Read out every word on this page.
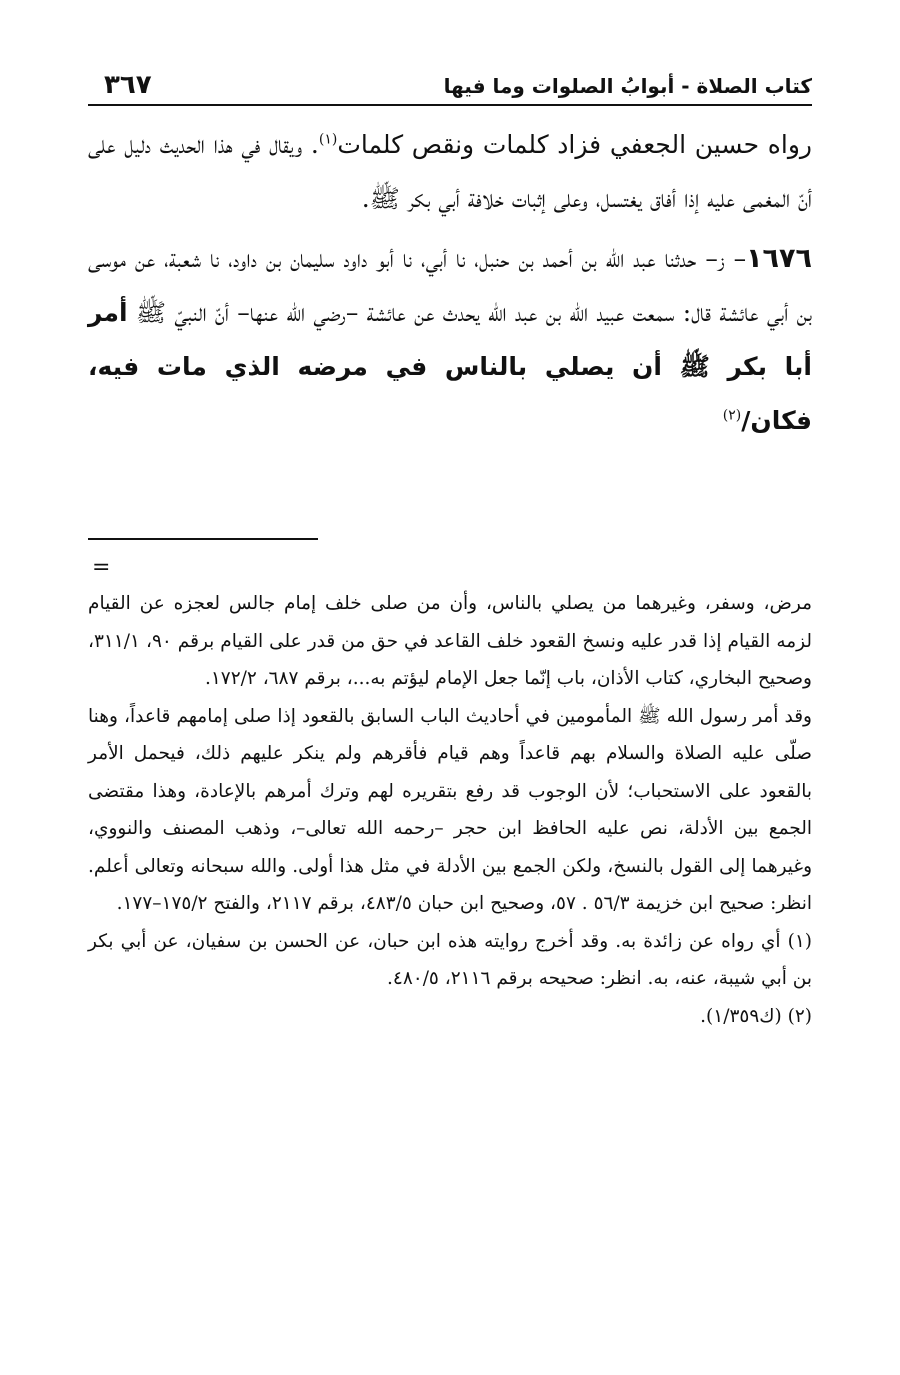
كتاب الصلاة - أبوابُ الصلوات وما فيها
٣٦٧

رواه حسين الجعفي فزاد كلمات ونقص كلمات$^{(١)}$. ويقال في هذا الحديث دليل على أنّ المغمى عليه إذا أفاق يغتسل، وعلى إثبات خلافة أبي بكر ﷺ.

١٦٧٦– ز– حدثنا عبد الله بن أحمد بن حنبل، نا أبي، نا أبو داود سليمان بن داود، نا شعبة، عن موسى بن أبي عائشة قال: سمعت عبيد الله بن عبد الله يحدث عن عائشة –رضي الله عنها– أنّ النبيّ ﷺ أمر أبا بكر ﷺ أن يصلي بالناس في مرضه الذي مات فيه، فكان/$^{(٢)}$

=

مرض، وسفر، وغيرهما من يصلي بالناس، وأن من صلى خلف إمام جالس لعجزه عن القيام لزمه القيام إذا قدر عليه ونسخ القعود خلف القاعد في حق من قدر على القيام برقم ٩٠، ٣١١/١، وصحيح البخاري، كتاب الأذان، باب إنّما جعل الإمام ليؤتم به...، برقم ٦٨٧، ١٧٢/٢.

وقد أمر رسول الله ﷺ المأمومين في أحاديث الباب السابق بالقعود إذا صلى إمامهم قاعداً، وهنا صلّى عليه الصلاة والسلام بهم قاعداً وهم قيام فأقرهم ولم ينكر عليهم ذلك، فيحمل الأمر بالقعود على الاستحباب؛ لأن الوجوب قد رفع بتقريره لهم وترك أمرهم بالإعادة، وهذا مقتضى الجمع بين الأدلة، نص عليه الحافظ ابن حجر –رحمه الله تعالى–، وذهب المصنف والنووي، وغيرهما إلى القول بالنسخ، ولكن الجمع بين الأدلة في مثل هذا أولى. والله سبحانه وتعالى أعلم. انظر: صحيح ابن خزيمة ٥٦/٣ . ٥٧، وصحيح ابن حبان ٤٨٣/٥، برقم ٢١١٧، والفتح ١٧٥/٢–١٧٧.

(١) أي رواه عن زائدة به. وقد أخرج روايته هذه ابن حبان، عن الحسن بن سفيان، عن أبي بكر بن أبي شيبة، عنه، به. انظر: صحيحه برقم ٢١١٦، ٤٨٠/٥.

(٢) (ك١/٣٥٩).
